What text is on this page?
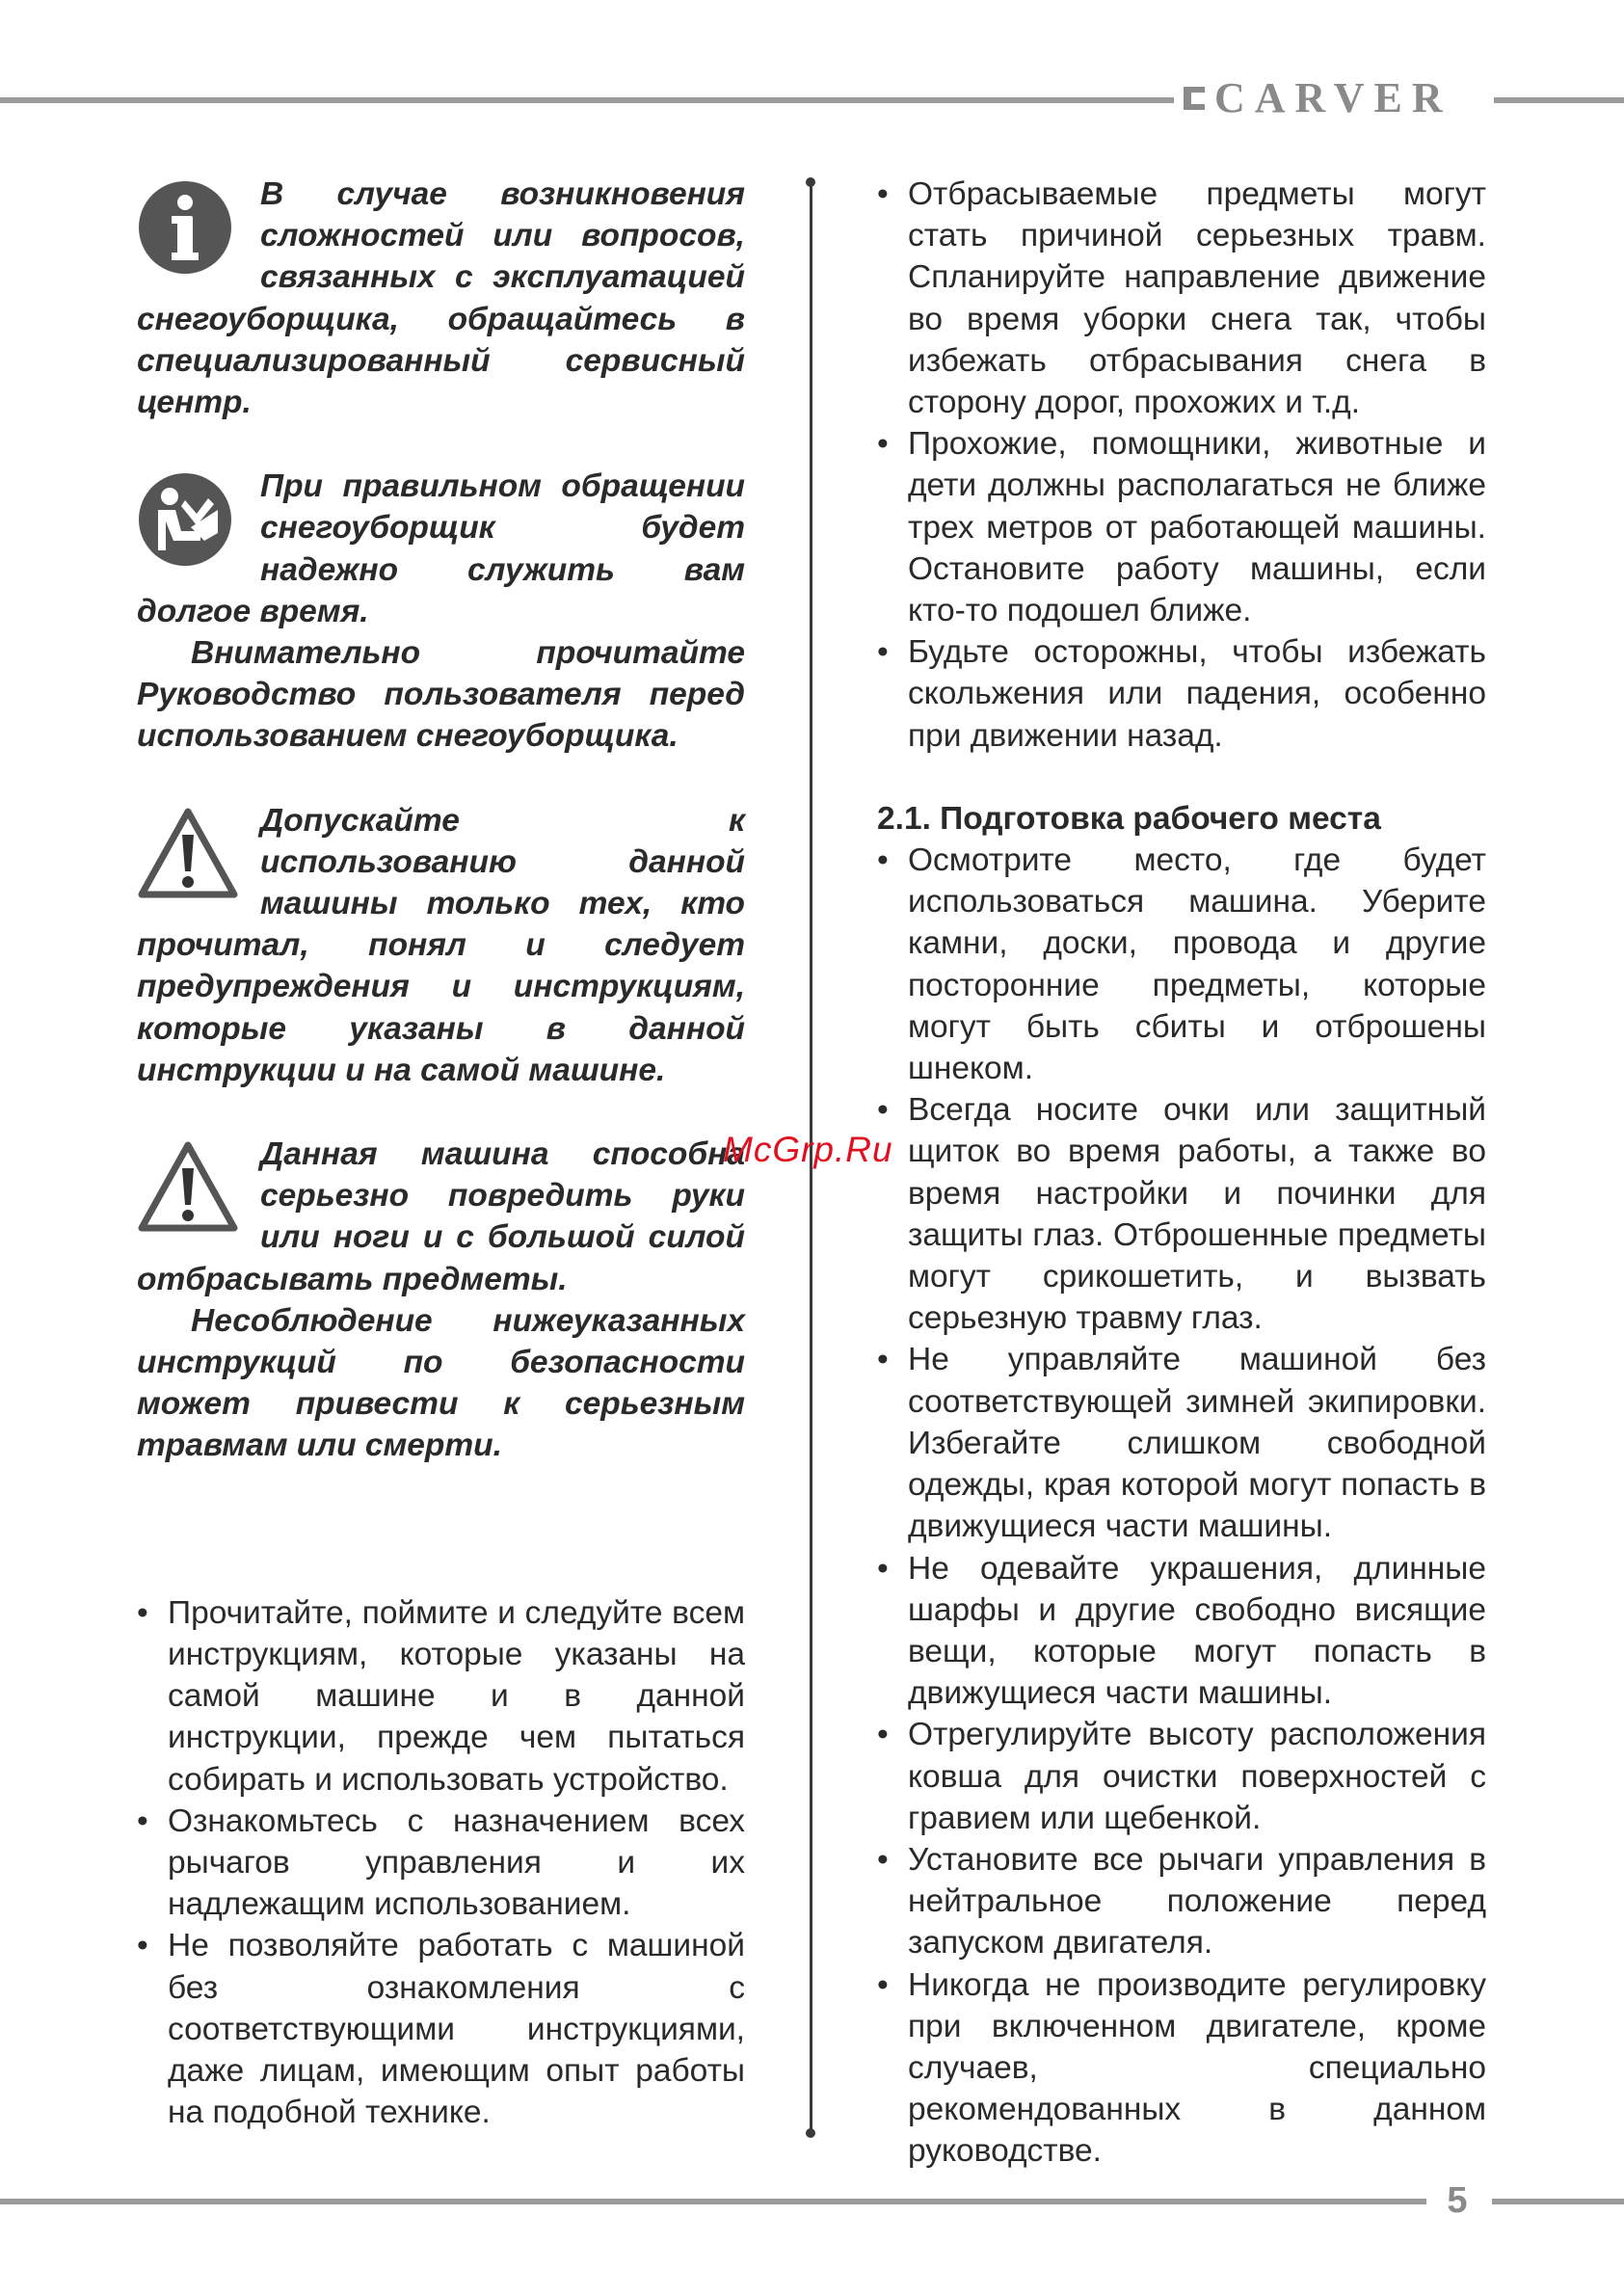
CARVER

В случае возникновения сложностей или вопросов, связанных с эксплуатацией снегоуборщика, обращайтесь в специализированный сервисный центр.

При правильном обращении снегоуборщик будет надежно служить вам долгое время.

Внимательно прочитайте Руководство пользователя перед использованием снегоуборщика.

Допускайте к использованию данной машины только тех, кто прочитал, понял и следует предупреждения и инструкциям, которые указаны в данной инструкции и на самой машине.

Данная машина способна серьезно повредить руки или ноги и с большой силой отбрасывать предметы.

Несоблюдение нижеуказанных инструкций по безопасности может привести к серьезным травмам или смерти.

• Прочитайте, поймите и следуйте всем инструкциям, которые указаны на самой машине и в данной инструкции, прежде чем пытаться собирать и использовать устройство.
• Ознакомьтесь с назначением всех рычагов управления и их надлежащим использованием.
• Не позволяйте работать с машиной без ознакомления с соответствующими инструкциями, даже лицам, имеющим опыт работы на подобной технике.
• Отбрасываемые предметы могут стать причиной серьезных травм. Спланируйте направление движение во время уборки снега так, чтобы избежать отбрасывания снега в сторону дорог, прохожих и т.д.
• Прохожие, помощники, животные и дети должны располагаться не ближе трех метров от работающей машины. Остановите работу машины, если кто-то подошел ближе.
• Будьте осторожны, чтобы избежать скольжения или падения, особенно при движении назад.
2.1. Подготовка рабочего места
• Осмотрите место, где будет использоваться машина. Уберите камни, доски, провода и другие посторонние предметы, которые могут быть сбиты и отброшены шнеком.
• Всегда носите очки или защитный щиток во время работы, а также во время настройки и починки для защиты глаз. Отброшенные предметы могут срикошетить, и вызвать серьезную травму глаз.
• Не управляйте машиной без соответствующей зимней экипировки. Избегайте слишком свободной одежды, края которой могут попасть в движущиеся части машины.
• Не одевайте украшения, длинные шарфы и другие свободно висящие вещи, которые могут попасть в движущиеся части машины.
• Отрегулируйте высоту расположения ковша для очистки поверхностей с гравием или щебенкой.
• Установите все рычаги управления в нейтральное положение перед запуском двигателя.
• Никогда не производите регулировку при включенном двигателе, кроме случаев, специально рекомендованных в данном руководстве.
McGrp.Ru
5
